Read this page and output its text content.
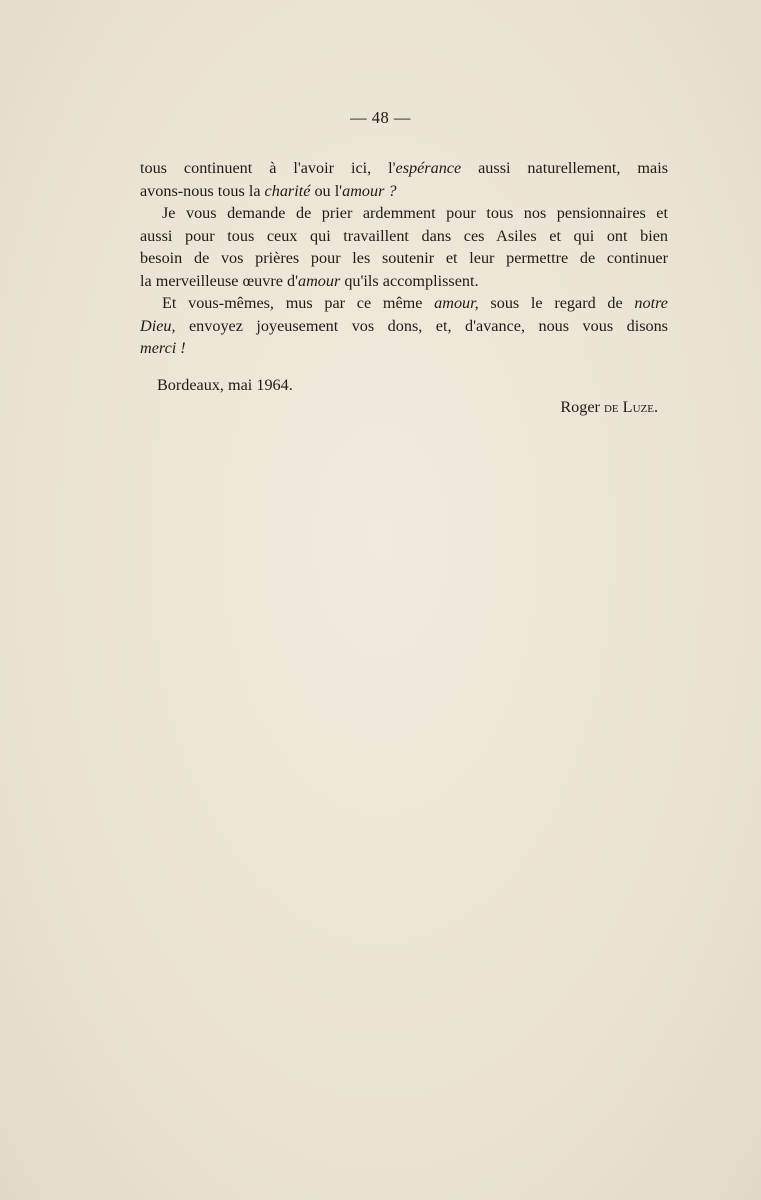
— 48 —

tous continuent à l'avoir ici, l'espérance aussi naturellement, mais
avons-nous tous la charité ou l'amour ?

Je vous demande de prier ardemment pour tous nos pensionnaires et
aussi pour tous ceux qui travaillent dans ces Asiles et qui ont bien
besoin de vos prières pour les soutenir et leur permettre de continuer
la merveilleuse œuvre d'amour qu'ils accomplissent.

Et vous-mêmes, mus par ce même amour, sous le regard de notre
Dieu, envoyez joyeusement vos dons, et, d'avance, nous vous disons
merci !

Bordeaux, mai 1964.

Roger de Luze.
